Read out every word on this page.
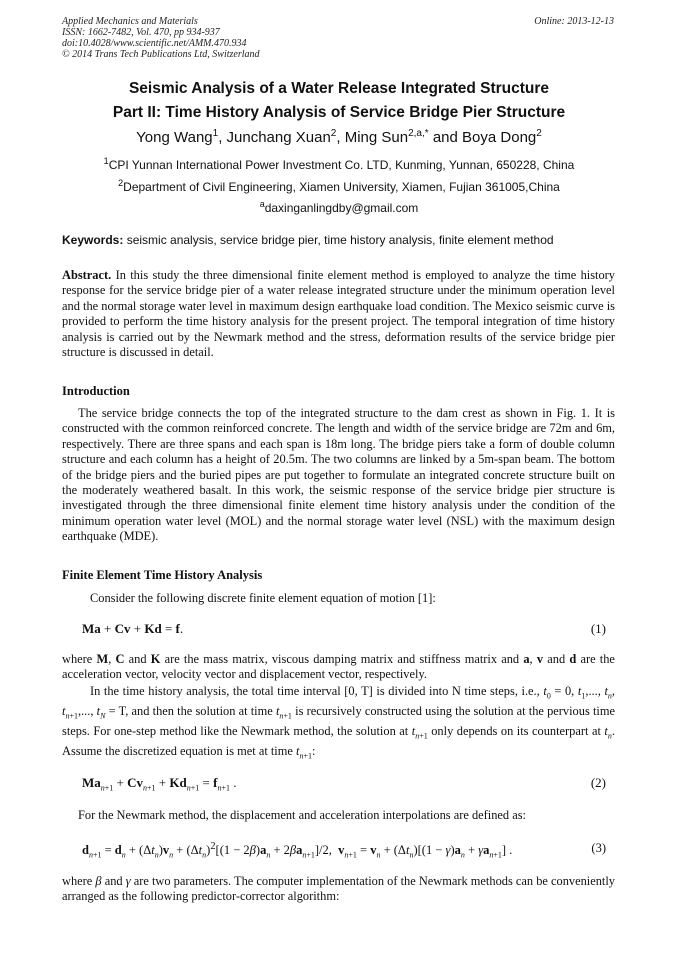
Applied Mechanics and Materials
ISSN: 1662-7482, Vol. 470, pp 934-937
doi:10.4028/www.scientific.net/AMM.470.934
© 2014 Trans Tech Publications Ltd, Switzerland
Online: 2013-12-13
Seismic Analysis of a Water Release Integrated Structure
Part II: Time History Analysis of Service Bridge Pier Structure
Yong Wang$^1$, Junchang Xuan$^2$, Ming Sun$^{2,a,*}$ and Boya Dong$^2$
$^1$CPI Yunnan International Power Investment Co. LTD, Kunming, Yunnan, 650228, China
$^2$Department of Civil Engineering, Xiamen University, Xiamen, Fujian 361005,China
$^a$daxinganlingdby@gmail.com
Keywords: seismic analysis, service bridge pier, time history analysis, finite element method
Abstract. In this study the three dimensional finite element method is employed to analyze the time history response for the service bridge pier of a water release integrated structure under the minimum operation level and the normal storage water level in maximum design earthquake load condition. The Mexico seismic curve is provided to perform the time history analysis for the present project. The temporal integration of time history analysis is carried out by the Newmark method and the stress, deformation results of the service bridge pier structure is discussed in detail.
Introduction
The service bridge connects the top of the integrated structure to the dam crest as shown in Fig. 1. It is constructed with the common reinforced concrete. The length and width of the service bridge are 72m and 6m, respectively. There are three spans and each span is 18m long. The bridge piers take a form of double column structure and each column has a height of 20.5m. The two columns are linked by a 5m-span beam. The bottom of the bridge piers and the buried pipes are put together to formulate an integrated concrete structure built on the moderately weathered basalt. In this work, the seismic response of the service bridge pier structure is investigated through the three dimensional finite element time history analysis under the condition of the minimum operation water level (MOL) and the normal storage water level (NSL) with the maximum design earthquake (MDE).
Finite Element Time History Analysis
Consider the following discrete finite element equation of motion [1]:
Ma + Cv + Kd = f.	(1)
where M, C and K are the mass matrix, viscous damping matrix and stiffness matrix and a, v and d are the acceleration vector, velocity vector and displacement vector, respectively.
In the time history analysis, the total time interval [0, T] is divided into N time steps, i.e., $t_0 = 0$, $t_1$,..., $t_n$, $t_{n+1}$,..., $t_N = T$, and then the solution at time $t_{n+1}$ is recursively constructed using the solution at the pervious time steps. For one-step method like the Newmark method, the solution at $t_{n+1}$ only depends on its counterpart at $t_n$. Assume the discretized equation is met at time $t_{n+1}$:
$Ma_{n+1} + Cv_{n+1} + Kd_{n+1} = f_{n+1}$ .	(2)
For the Newmark method, the displacement and acceleration interpolations are defined as:
$d_{n+1} = d_n + (\Delta t_n)v_n + (\Delta t_n)^2[(1 - 2\beta)a_n + 2\beta a_{n+1}]/2$,  $v_{n+1} = v_n + (\Delta t_n)[(1 - \gamma)a_n + \gamma a_{n+1}]$ .	(3)
where β and γ are two parameters. The computer implementation of the Newmark methods can be conveniently arranged as the following predictor-corrector algorithm:
